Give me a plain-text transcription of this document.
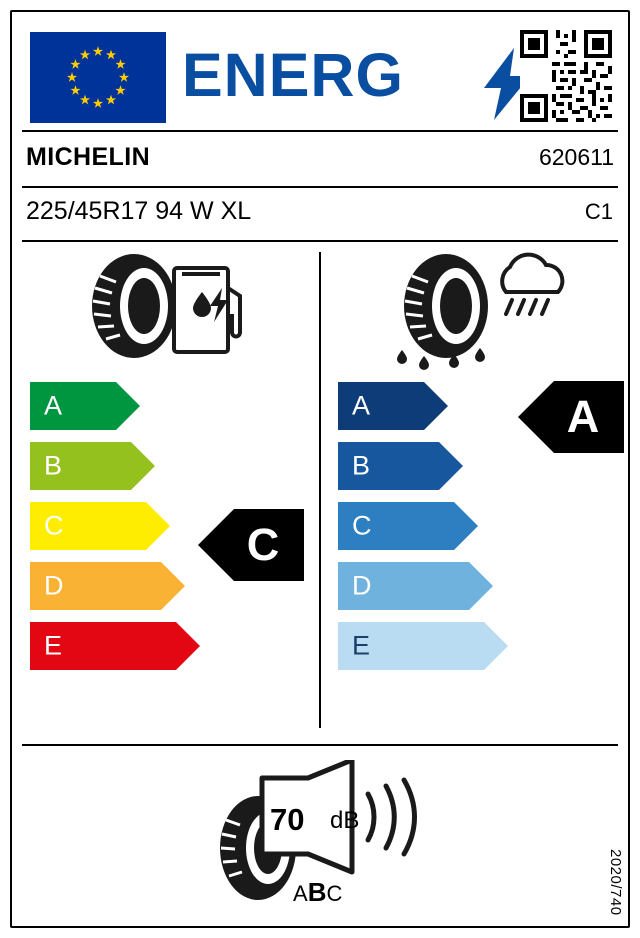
ENERG
MICHELIN	620611
225/45R17 94 W XL	C1
A
B
C
D
E
A
B
C
D
E
C
A
70 dB
ABC	2020/740
